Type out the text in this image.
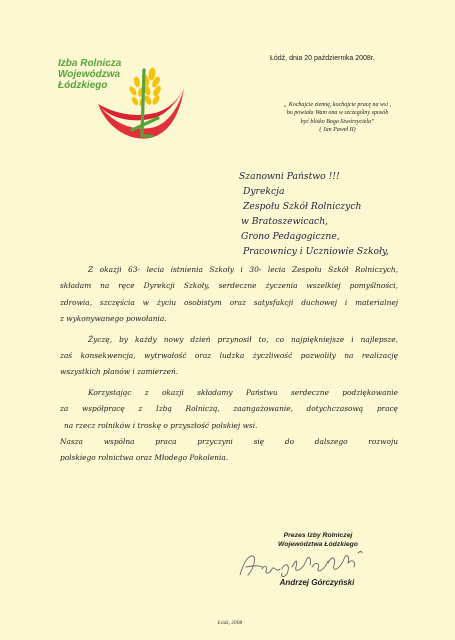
Izba Rolnicza
Wojewódzwa
Łódzkiego
Łódź, dnia 20 października 2008r.
„ Kochajcie ziemię, kochajcie pracę na wsi ,
bo powiała Wam ona w szczególny sposób
być blisko Boga Stwórzyciela”
( Jan Paweł II)
Szanowni Państwo !!!
Dyrekcja
Zespołu Szkół Rolniczych
w Bratoszewicach,
Grono Pedagogiczne,
Pracownicy i Uczniowie Szkoły,
Z okazji 63- lecia istnienia Szkoły i 30- lecia Zespołu Szkół Rolniczych,
składam na ręce Dyrekcji Szkoły, serdeczne życzenia wszelkiej pomyślności,
zdrowia, szczęścia w życiu osobistym oraz satysfakcji duchowej i materialnej
z wykonywanego powołania.
Życzę, by każdy nowy dzień przynosił to, co najpiękniejsze i najlepsze,
zaś konsekwencja, wytrwałość oraz ludzka życzliwość pozwoliły na realizację
wszystkich planów i zamierzeń.
Korzystając z okazji składamy Państwu serdeczne podziękowanie
za współpracę z Izbą Rolniczą, zaangażowanie, dotychczasową pracę
na rzecz rolników i troskę o przyszłość polskiej wsi.
Nasza wspólna praca przyczyni się do dalszego rozwoju
polskiego rolnictwa oraz Młodego Pokolenia.
Prezes Izby Rolniczej
Województwa Łódzkiego
Andrzej Górczyński
Łódź, 2008
